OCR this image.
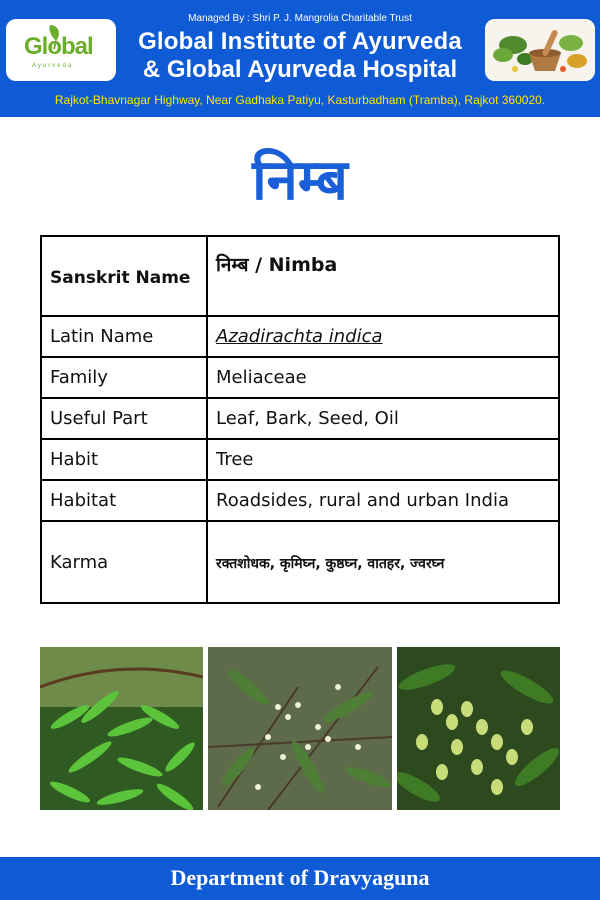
Managed By : Shri P. J. Mangrolia Charitable Trust
Global
Ayurveda
Global Institute of Ayurveda
& Global Ayurveda Hospital
Rajkot-Bhavnagar Highway, Near Gadhaka Patiyu, Kasturbadham (Tramba), Rajkot 360020.
निम्ब
Sanskrit Name	निम्ब / Nimba
Latin Name	Azadirachta indica
Family	Meliaceae
Useful Part	Leaf, Bark, Seed, Oil
Habit	Tree
Habitat	Roadsides, rural and urban India
Karma	रक्तशोधक, कृमिघ्न, कुष्ठघ्न, वातहर, ज्वरघ्न
Department of Dravyaguna
